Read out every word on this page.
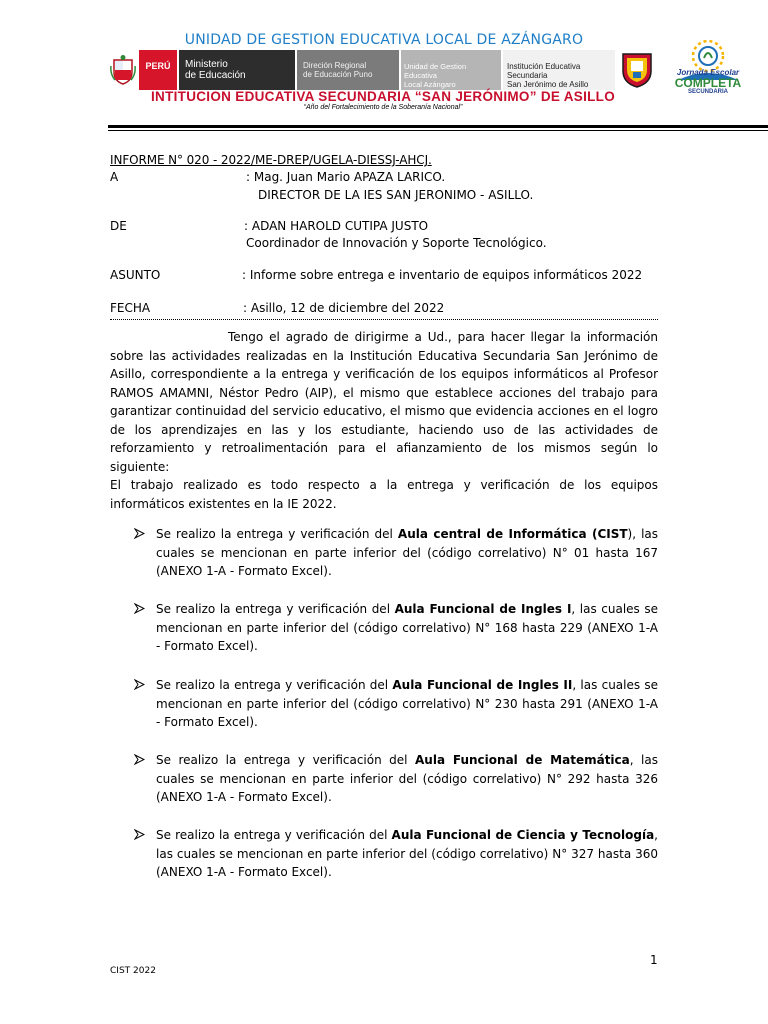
UNIDAD DE GESTION EDUCATIVA LOCAL DE AZÁNGARO
PERÚ	Ministerio
de Educación
Direción Regional
de Educación Puno
Unidad de Gestion Educativa
Local Azángaro
Institución Educativa Secundaria
San Jerónimo de Asillo
Jornada Escolar
COMPLETA
SECUNDARIA
INTITUCION EDUCATIVA SECUNDARIA “SAN JERÓNIMO” DE ASILLO
“Año del Fortalecimiento de la Soberanía Nacional”
INFORME N° 020 - 2022/ME-DREP/UGELA-DIESSJ-AHCJ.
A	: Mag. Juan Mario APAZA LARICO.
DIRECTOR DE LA IES SAN JERONIMO - ASILLO.
DE	: ADAN HAROLD CUTIPA JUSTO
Coordinador de Innovación y Soporte Tecnológico.
ASUNTO	: Informe sobre entrega e inventario de equipos informáticos 2022
FECHA	: Asillo, 12 de diciembre del 2022
Tengo el agrado de dirigirme a Ud., para hacer llegar la información sobre las actividades realizadas en la Institución Educativa Secundaria San Jerónimo de Asillo, correspondiente a la entrega y verificación de los equipos informáticos al Profesor RAMOS AMAMNI, Néstor Pedro (AIP), el mismo que establece acciones del trabajo para garantizar continuidad del servicio educativo, el mismo que evidencia acciones en el logro de los aprendizajes en las y los estudiante, haciendo uso de las actividades de reforzamiento y retroalimentación para el afianzamiento de los mismos según lo siguiente:
El trabajo realizado es todo respecto a la entrega y verificación de los equipos informáticos existentes en la IE 2022.
Se realizo la entrega y verificación del Aula central de Informática (CIST), las cuales se mencionan en parte inferior del (código correlativo) N° 01 hasta 167 (ANEXO 1-A - Formato Excel).
Se realizo la entrega y verificación del Aula Funcional de Ingles I, las cuales se mencionan en parte inferior del (código correlativo) N° 168 hasta 229 (ANEXO 1-A - Formato Excel).
Se realizo la entrega y verificación del Aula Funcional de Ingles II, las cuales se mencionan en parte inferior del (código correlativo) N° 230 hasta 291 (ANEXO 1-A - Formato Excel).
Se realizo la entrega y verificación del Aula Funcional de Matemática, las cuales se mencionan en parte inferior del (código correlativo) N° 292 hasta 326 (ANEXO 1-A - Formato Excel).
Se realizo la entrega y verificación del Aula Funcional de Ciencia y Tecnología, las cuales se mencionan en parte inferior del (código correlativo) N° 327 hasta 360 (ANEXO 1-A - Formato Excel).
1
CIST 2022
